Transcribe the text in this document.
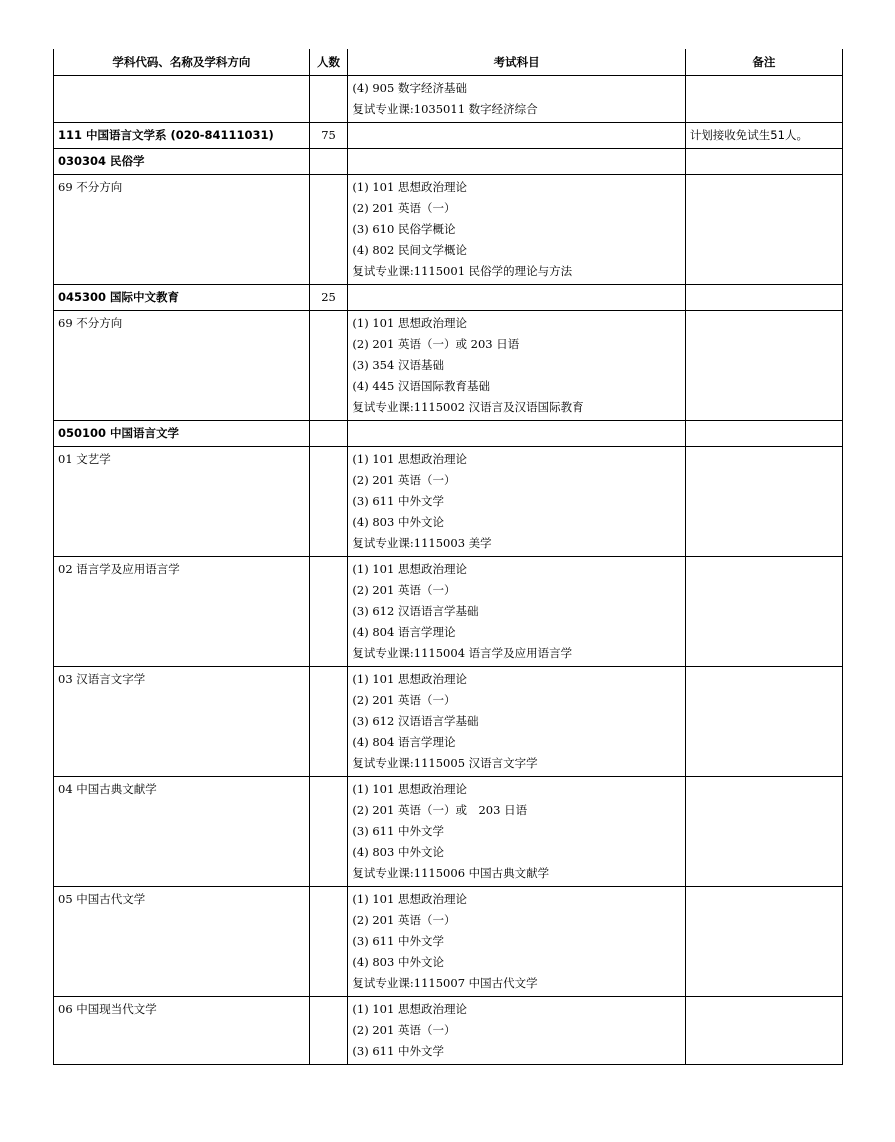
学科代码、名称及学科方向	人数	考试科目	备注

		(4) 905 数字经济基础
复试专业课:1035011 数字经济综合	

111 中国语言文学系 (020-84111031)	75		计划接收免试生51人。
030304 民俗学			
69 不分方向		(1) 101 思想政治理论
(2) 201 英语（一）
(3) 610 民俗学概论
(4) 802 民间文学概论
复试专业课:1115001 民俗学的理论与方法	

045300 国际中文教育	25		
69 不分方向		(1) 101 思想政治理论
(2) 201 英语（一）或 203 日语
(3) 354 汉语基础
(4) 445 汉语国际教育基础
复试专业课:1115002 汉语言及汉语国际教育	

050100 中国语言文学			
01 文艺学		(1) 101 思想政治理论
(2) 201 英语（一）
(3) 611 中外文学
(4) 803 中外文论
复试专业课:1115003 美学	

02 语言学及应用语言学		(1) 101 思想政治理论
(2) 201 英语（一）
(3) 612 汉语语言学基础
(4) 804 语言学理论
复试专业课:1115004 语言学及应用语言学	

03 汉语言文字学		(1) 101 思想政治理论
(2) 201 英语（一）
(3) 612 汉语语言学基础
(4) 804 语言学理论
复试专业课:1115005 汉语言文字学	

04 中国古典文献学		(1) 101 思想政治理论
(2) 201 英语（一）或　203 日语
(3) 611 中外文学
(4) 803 中外文论
复试专业课:1115006 中国古典文献学	

05 中国古代文学		(1) 101 思想政治理论
(2) 201 英语（一）
(3) 611 中外文学
(4) 803 中外文论
复试专业课:1115007 中国古代文学	

06 中国现当代文学		(1) 101 思想政治理论
(2) 201 英语（一）
(3) 611 中外文学	
